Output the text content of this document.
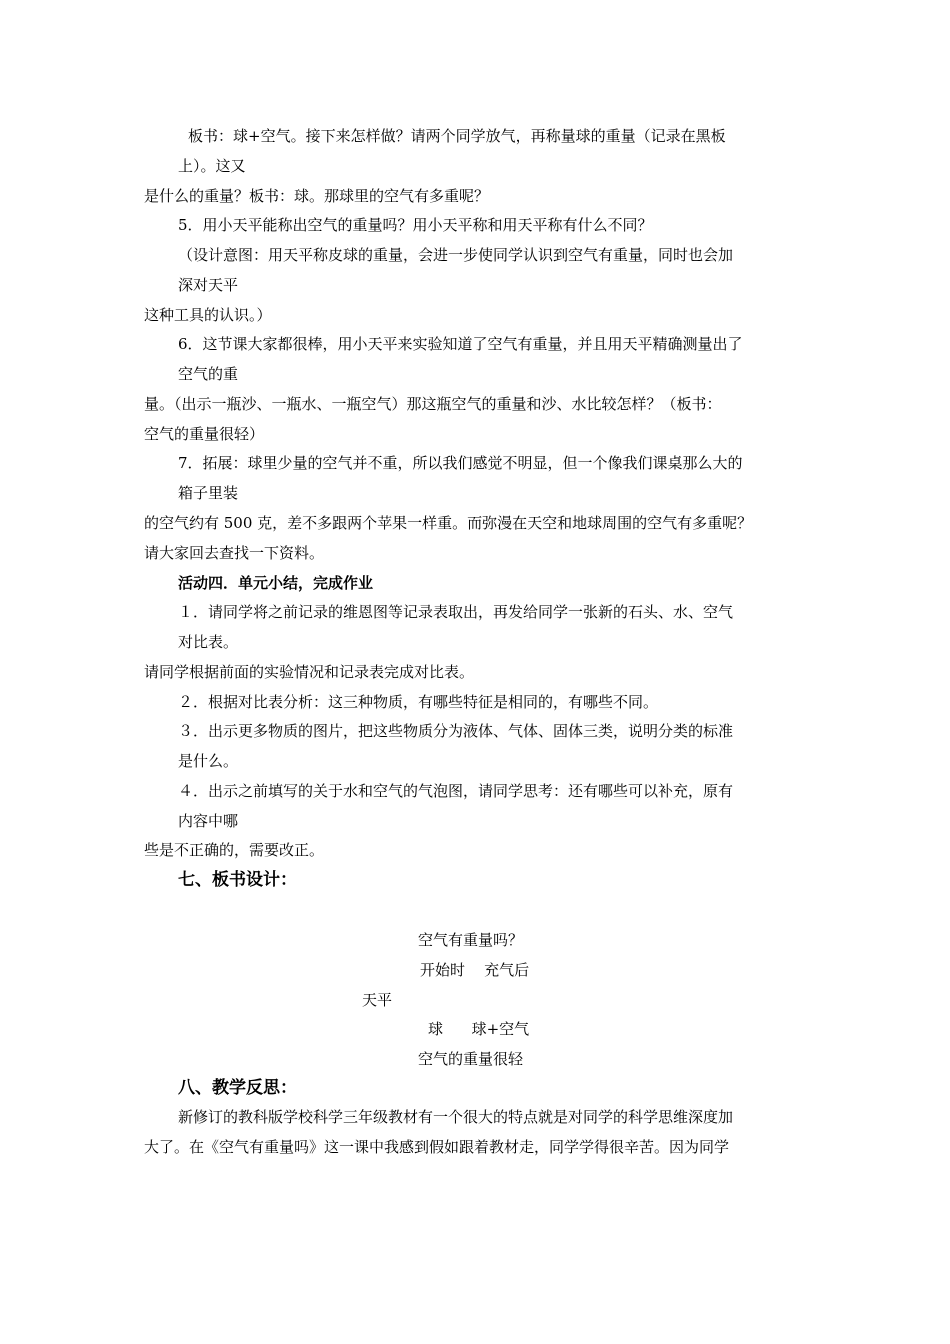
板书：球+空气。接下来怎样做？请两个同学放气，再称量球的重量（记录在黑板
上）。这又
是什么的重量？板书：球。那球里的空气有多重呢？
5．用小天平能称出空气的重量吗？用小天平称和用天平称有什么不同？
（设计意图：用天平称皮球的重量，会进一步使同学认识到空气有重量，同时也会加
深对天平
这种工具的认识。）
6．这节课大家都很棒，用小天平来实验知道了空气有重量，并且用天平精确测量出了
空气的重
量。（出示一瓶沙、一瓶水、一瓶空气）那这瓶空气的重量和沙、水比较怎样？（板书：
空气的重量很轻）
7．拓展：球里少量的空气并不重，所以我们感觉不明显，但一个像我们课桌那么大的
箱子里装
的空气约有 500 克，差不多跟两个苹果一样重。而弥漫在天空和地球周围的空气有多重呢？
请大家回去查找一下资料。
活动四．单元小结，完成作业
１．请同学将之前记录的维恩图等记录表取出，再发给同学一张新的石头、水、空气
对比表。
请同学根据前面的实验情况和记录表完成对比表。
２．根据对比表分析：这三种物质，有哪些特征是相同的，有哪些不同。
３．出示更多物质的图片，把这些物质分为液体、气体、固体三类，说明分类的标准
是什么。
４．出示之前填写的关于水和空气的气泡图，请同学思考：还有哪些可以补充，原有
内容中哪
些是不正确的，需要改正。
七、板书设计：
空气有重量吗？
开始时    充气后
天平
球      球+空气
空气的重量很轻
八、教学反思：
新修订的教科版学校科学三年级教材有一个很大的特点就是对同学的科学思维深度加
大了。在《空气有重量吗》这一课中我感到假如跟着教材走，同学学得很辛苦。因为同学
